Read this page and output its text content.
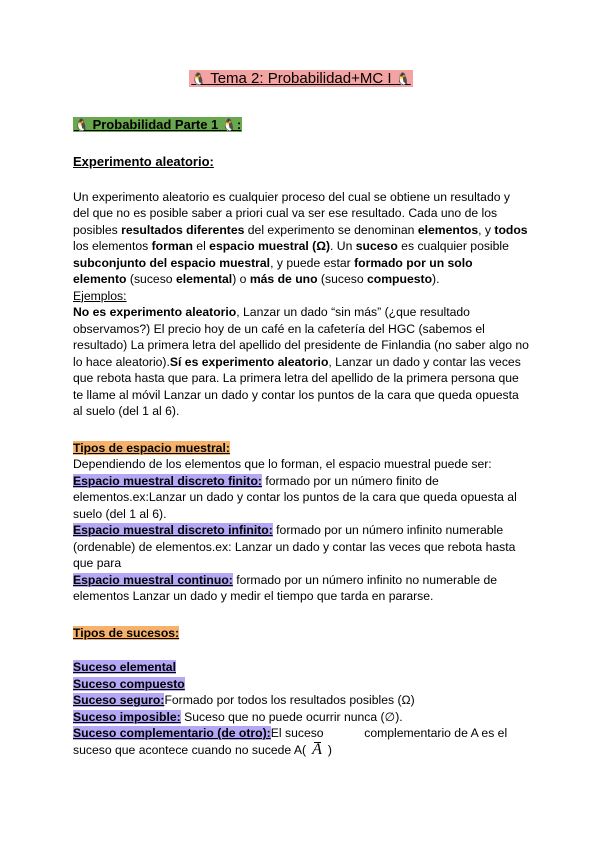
🐧 Tema 2: Probabilidad+MC I 🐧
🐧 Probabilidad Parte 1 🐧:

Experimento aleatorio:

Un experimento aleatorio es cualquier proceso del cual se obtiene un resultado y del que no es posible saber a priori cual va ser ese resultado. Cada uno de los posibles resultados diferentes del experimento se denominan elementos, y todos los elementos forman el espacio muestral (Ω). Un suceso es cualquier posible subconjunto del espacio muestral, y puede estar formado por un solo elemento (suceso elemental) o más de uno (suceso compuesto).

Ejemplos:

No es experimento aleatorio, Lanzar un dado “sin más” (¿que resultado observamos?) El precio hoy de un café en la cafetería del HGC (sabemos el resultado) La primera letra del apellido del presidente de Finlandia (no saber algo no lo hace aleatorio).Sí es experimento aleatorio, Lanzar un dado y contar las veces que rebota hasta que para. La primera letra del apellido de la primera persona que te llame al móvil Lanzar un dado y contar los puntos de la cara que queda opuesta al suelo (del 1 al 6).

Tipos de espacio muestral:

Dependiendo de los elementos que lo forman, el espacio muestral puede ser:

Espacio muestral discreto finito: formado por un número finito de elementos.ex:Lanzar un dado y contar los puntos de la cara que queda opuesta al suelo (del 1 al 6).

Espacio muestral discreto infinito: formado por un número infinito numerable (ordenable) de elementos.ex: Lanzar un dado y contar las veces que rebota hasta que para

Espacio muestral continuo: formado por un número infinito no numerable de elementos Lanzar un dado y medir el tiempo que tarda en pararse.

Tipos de sucesos:

Suceso elemental

Suceso compuesto

Suceso seguro:Formado por todos los resultados posibles (Ω)

Suceso imposible: Suceso que no puede ocurrir nunca (∅).

Suceso complementario (de otro):El suceso            complementario de A es el suceso que acontece cuando no sucede A( A )
